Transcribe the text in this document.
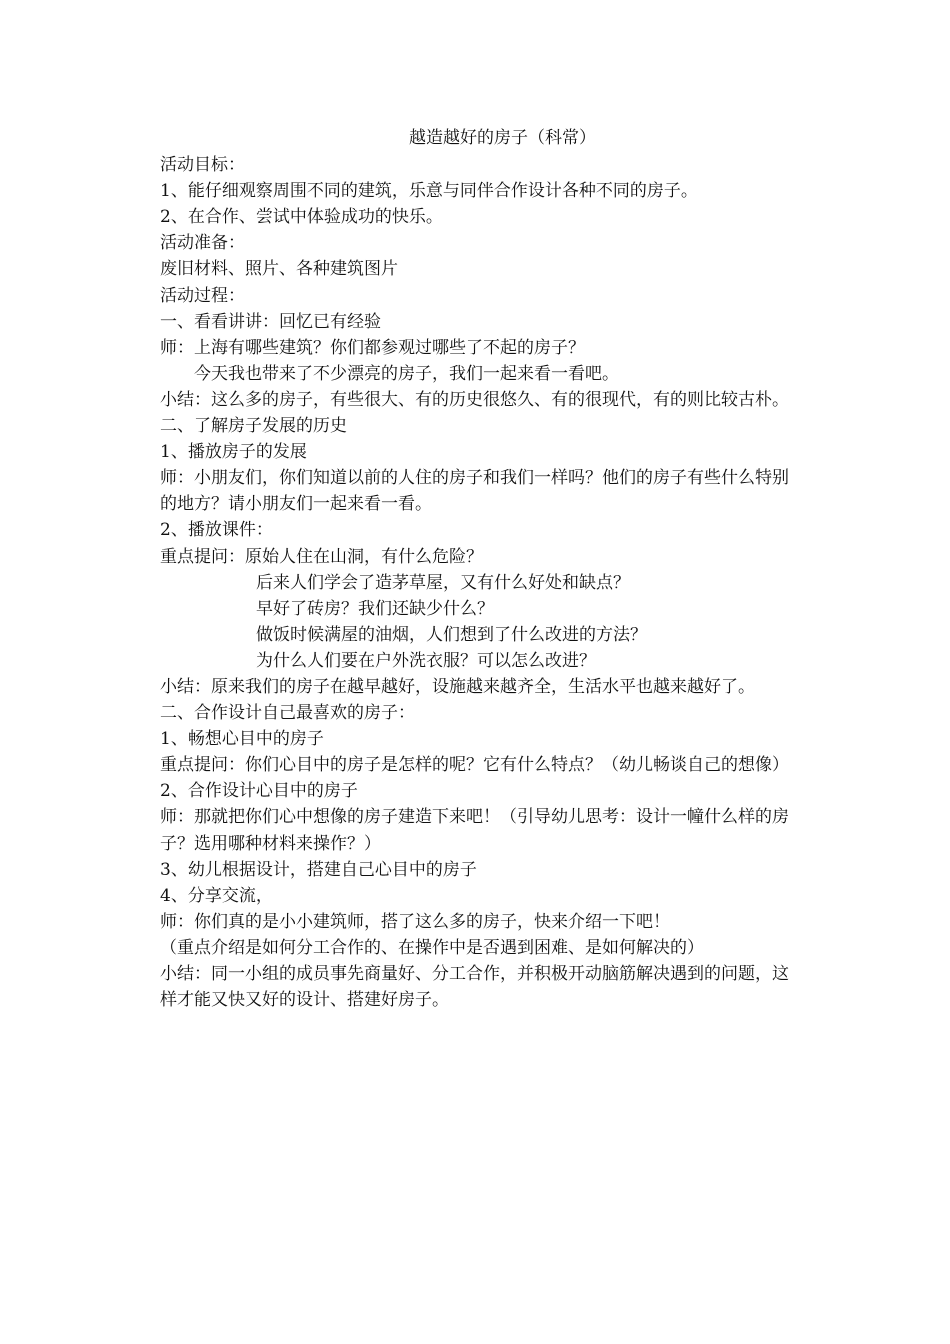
越造越好的房子（科常）
活动目标：
1、能仔细观察周围不同的建筑，乐意与同伴合作设计各种不同的房子。
2、在合作、尝试中体验成功的快乐。
活动准备：
废旧材料、照片、各种建筑图片
活动过程：
一、看看讲讲：回忆已有经验
师：上海有哪些建筑？你们都参观过哪些了不起的房子？
今天我也带来了不少漂亮的房子，我们一起来看一看吧。
小结：这么多的房子，有些很大、有的历史很悠久、有的很现代，有的则比较古朴。
二、了解房子发展的历史
1、播放房子的发展
师：小朋友们，你们知道以前的人住的房子和我们一样吗？他们的房子有些什么特别的地方？请小朋友们一起来看一看。
2、播放课件：
重点提问：原始人住在山洞，有什么危险？
后来人们学会了造茅草屋，又有什么好处和缺点？
早好了砖房？我们还缺少什么？
做饭时候满屋的油烟，人们想到了什么改进的方法？
为什么人们要在户外洗衣服？可以怎么改进？
小结：原来我们的房子在越早越好，设施越来越齐全，生活水平也越来越好了。
二、合作设计自己最喜欢的房子：
1、畅想心目中的房子
重点提问：你们心目中的房子是怎样的呢？它有什么特点？（幼儿畅谈自己的想像）
2、合作设计心目中的房子
师：那就把你们心中想像的房子建造下来吧！（引导幼儿思考：设计一幢什么样的房子？选用哪种材料来操作？）
3、幼儿根据设计，搭建自己心目中的房子
4、分享交流，
师：你们真的是小小建筑师，搭了这么多的房子，快来介绍一下吧！
（重点介绍是如何分工合作的、在操作中是否遇到困难、是如何解决的）
小结：同一小组的成员事先商量好、分工合作，并积极开动脑筋解决遇到的问题，这样才能又快又好的设计、搭建好房子。
